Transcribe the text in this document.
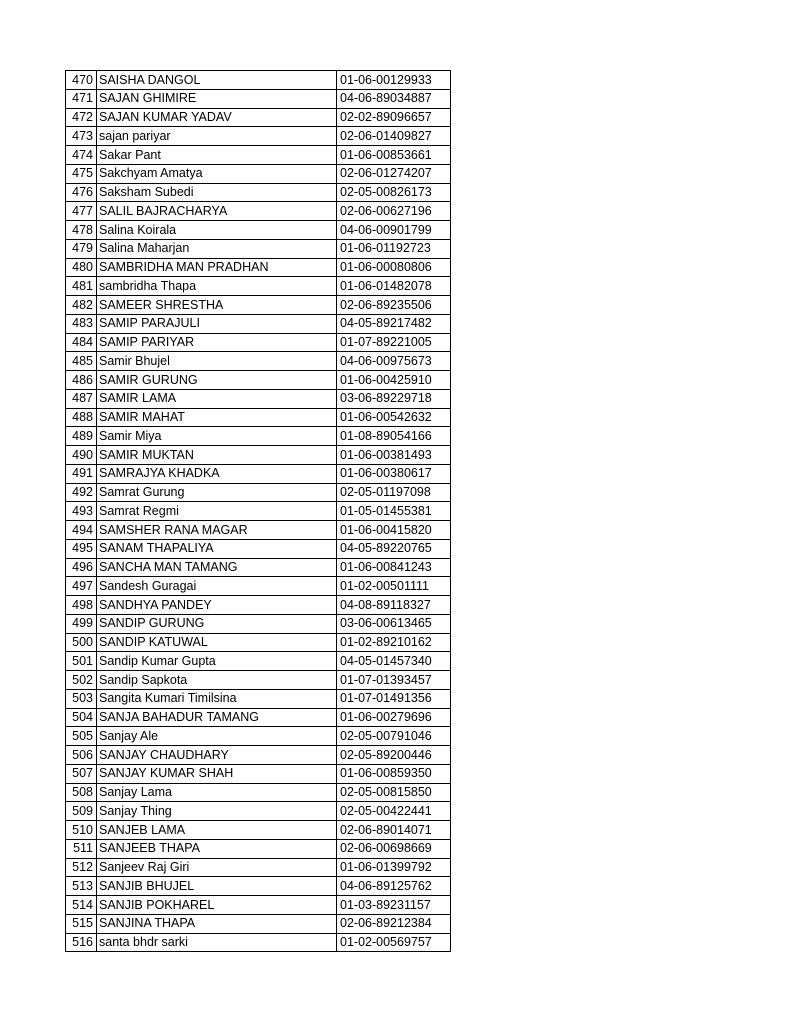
470	SAISHA DANGOL	01-06-00129933
471	SAJAN GHIMIRE	04-06-89034887
472	SAJAN KUMAR YADAV	02-02-89096657
473	sajan pariyar	02-06-01409827
474	Sakar Pant	01-06-00853661
475	Sakchyam Amatya	02-06-01274207
476	Saksham Subedi	02-05-00826173
477	SALIL BAJRACHARYA	02-06-00627196
478	Salina Koirala	04-06-00901799
479	Salina Maharjan	01-06-01192723
480	SAMBRIDHA MAN PRADHAN	01-06-00080806
481	sambridha Thapa	01-06-01482078
482	SAMEER SHRESTHA	02-06-89235506
483	SAMIP PARAJULI	04-05-89217482
484	SAMIP PARIYAR	01-07-89221005
485	Samir Bhujel	04-06-00975673
486	SAMIR GURUNG	01-06-00425910
487	SAMIR LAMA	03-06-89229718
488	SAMIR MAHAT	01-06-00542632
489	Samir Miya	01-08-89054166
490	SAMIR MUKTAN	01-06-00381493
491	SAMRAJYA KHADKA	01-06-00380617
492	Samrat Gurung	02-05-01197098
493	Samrat Regmi	01-05-01455381
494	SAMSHER RANA MAGAR	01-06-00415820
495	SANAM THAPALIYA	04-05-89220765
496	SANCHA MAN TAMANG	01-06-00841243
497	Sandesh Guragai	01-02-00501111
498	SANDHYA PANDEY	04-08-89118327
499	SANDIP GURUNG	03-06-00613465
500	SANDIP KATUWAL	01-02-89210162
501	Sandip Kumar Gupta	04-05-01457340
502	Sandip Sapkota	01-07-01393457
503	Sangita Kumari Timilsina	01-07-01491356
504	SANJA BAHADUR TAMANG	01-06-00279696
505	Sanjay Ale	02-05-00791046
506	SANJAY CHAUDHARY	02-05-89200446
507	SANJAY KUMAR SHAH	01-06-00859350
508	Sanjay Lama	02-05-00815850
509	Sanjay Thing	02-05-00422441
510	SANJEB LAMA	02-06-89014071
511	SANJEEB THAPA	02-06-00698669
512	Sanjeev Raj Giri	01-06-01399792
513	SANJIB BHUJEL	04-06-89125762
514	SANJIB POKHAREL	01-03-89231157
515	SANJINA THAPA	02-06-89212384
516	santa bhdr sarki	01-02-00569757
